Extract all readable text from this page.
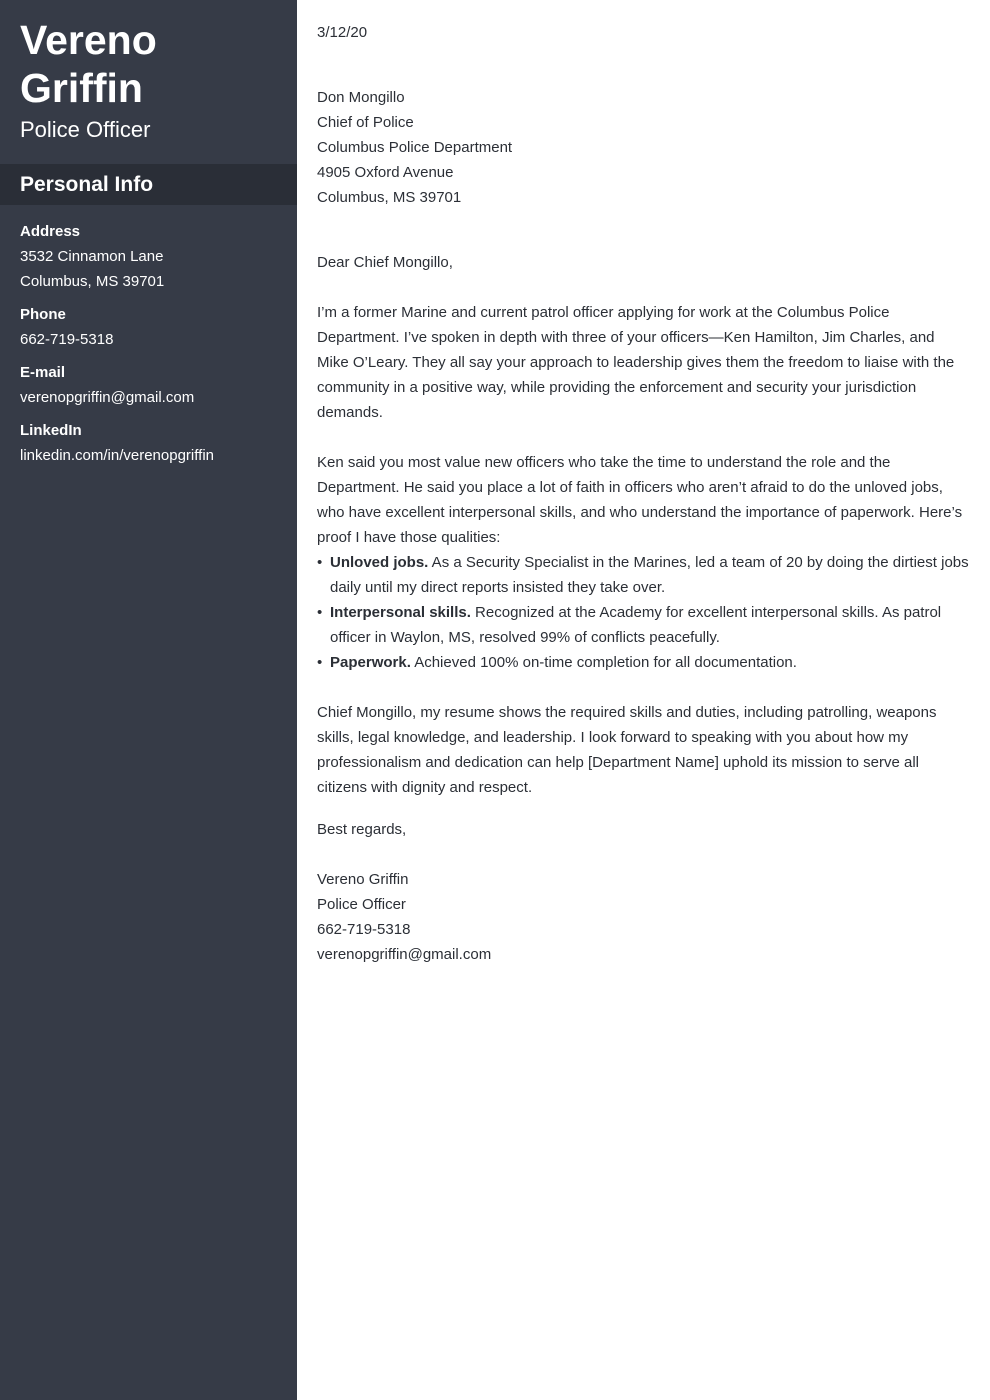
Vereno
Griffin
Police Officer
Personal Info
Address
3532 Cinnamon Lane
Columbus, MS 39701
Phone
662-719-5318
E-mail
verenopgriffin@gmail.com
LinkedIn
linkedin.com/in/verenopgriffin
3/12/20
Don Mongillo
Chief of Police
Columbus Police Department
4905 Oxford Avenue
Columbus, MS 39701
Dear Chief Mongillo,
I’m a former Marine and current patrol officer applying for work at the Columbus Police Department. I’ve spoken in depth with three of your officers—Ken Hamilton, Jim Charles, and Mike O’Leary. They all say your approach to leadership gives them the freedom to liaise with the community in a positive way, while providing the enforcement and security your jurisdiction demands.
Ken said you most value new officers who take the time to understand the role and the Department. He said you place a lot of faith in officers who aren’t afraid to do the unloved jobs, who have excellent interpersonal skills, and who understand the importance of paperwork. Here’s proof I have those qualities:
• Unloved jobs. As a Security Specialist in the Marines, led a team of 20 by doing the dirtiest jobs daily until my direct reports insisted they take over.
• Interpersonal skills. Recognized at the Academy for excellent interpersonal skills. As patrol officer in Waylon, MS, resolved 99% of conflicts peacefully.
• Paperwork. Achieved 100% on-time completion for all documentation.
Chief Mongillo, my resume shows the required skills and duties, including patrolling, weapons skills, legal knowledge, and leadership. I look forward to speaking with you about how my professionalism and dedication can help [Department Name] uphold its mission to serve all citizens with dignity and respect.
Best regards,
Vereno Griffin
Police Officer
662-719-5318
verenopgriffin@gmail.com
